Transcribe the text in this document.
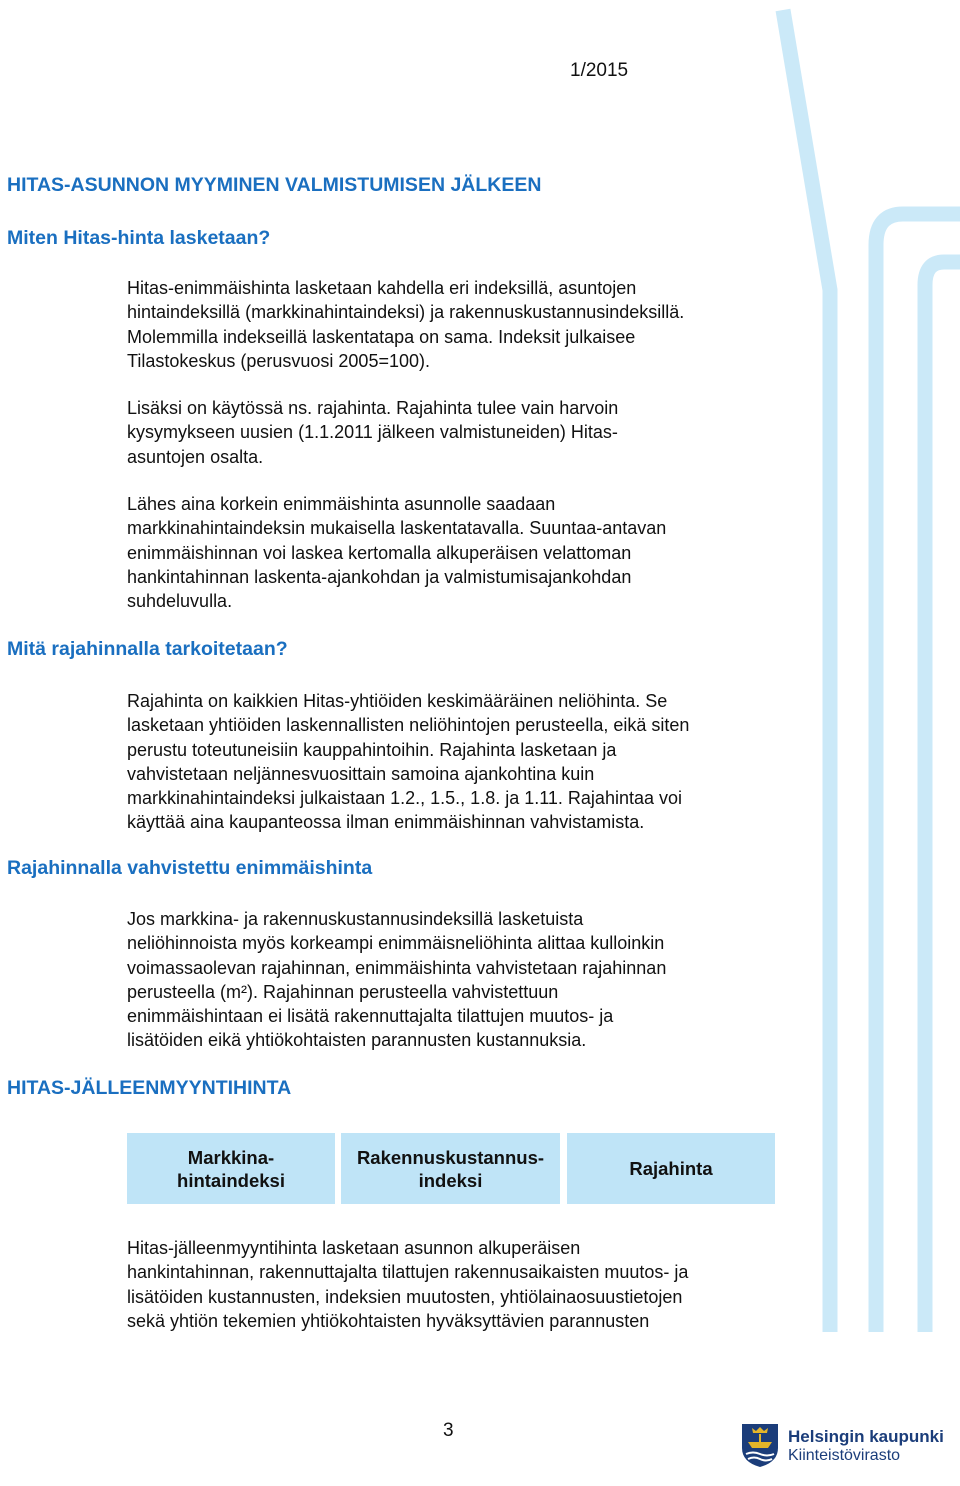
1/2015
HITAS-ASUNNON MYYMINEN VALMISTUMISEN JÄLKEEN
Miten Hitas-hinta lasketaan?
Hitas-enimmäishinta lasketaan kahdella eri indeksillä, asuntojen
hintaindeksillä (markkinahintaindeksi) ja rakennuskustannusindeksillä.
Molemmilla indekseillä laskentatapa on sama. Indeksit julkaisee
Tilastokeskus (perusvuosi 2005=100).
Lisäksi on käytössä ns. rajahinta. Rajahinta tulee vain harvoin
kysymykseen uusien (1.1.2011 jälkeen valmistuneiden) Hitas-
asuntojen osalta.
Lähes aina korkein enimmäishinta asunnolle saadaan
markkinahintaindeksin mukaisella laskentatavalla. Suuntaa-antavan
enimmäishinnan voi laskea kertomalla alkuperäisen velattoman
hankintahinnan laskenta-ajankohdan ja valmistumisajankohdan
suhdeluvulla.
Mitä rajahinnalla tarkoitetaan?
Rajahinta on kaikkien Hitas-yhtiöiden keskimääräinen neliöhinta. Se
lasketaan yhtiöiden laskennallisten neliöhintojen perusteella, eikä siten
perustu toteutuneisiin kauppahintoihin. Rajahinta lasketaan ja
vahvistetaan neljännesvuosittain samoina ajankohtina kuin
markkinahintaindeksi julkaistaan 1.2., 1.5., 1.8. ja 1.11. Rajahintaa voi
käyttää aina kaupanteossa ilman enimmäishinnan vahvistamista.
Rajahinnalla vahvistettu enimmäishinta
Jos markkina- ja rakennuskustannusindeksillä lasketuista
neliöhinnoista myös korkeampi enimmäisneliöhinta alittaa kulloinkin
voimassaolevan rajahinnan, enimmäishinta vahvistetaan rajahinnan
perusteella (m²). Rajahinnan perusteella vahvistettuun
enimmäishintaan ei lisätä rakennuttajalta tilattujen muutos- ja
lisätöiden eikä yhtiökohtaisten parannusten kustannuksia.
HITAS-JÄLLEENMYYNTIHINTA
Markkina-
hintaindeksi
Rakennuskustannus-
indeksi
Rajahinta
Hitas-jälleenmyyntihinta lasketaan asunnon alkuperäisen
hankintahinnan, rakennuttajalta tilattujen rakennusaikaisten muutos- ja
lisätöiden kustannusten, indeksien muutosten, yhtiölainaosuustietojen
sekä yhtiön tekemien yhtiökohtaisten hyväksyttävien parannusten
3	Helsingin kaupunki
Kiinteistövirasto
